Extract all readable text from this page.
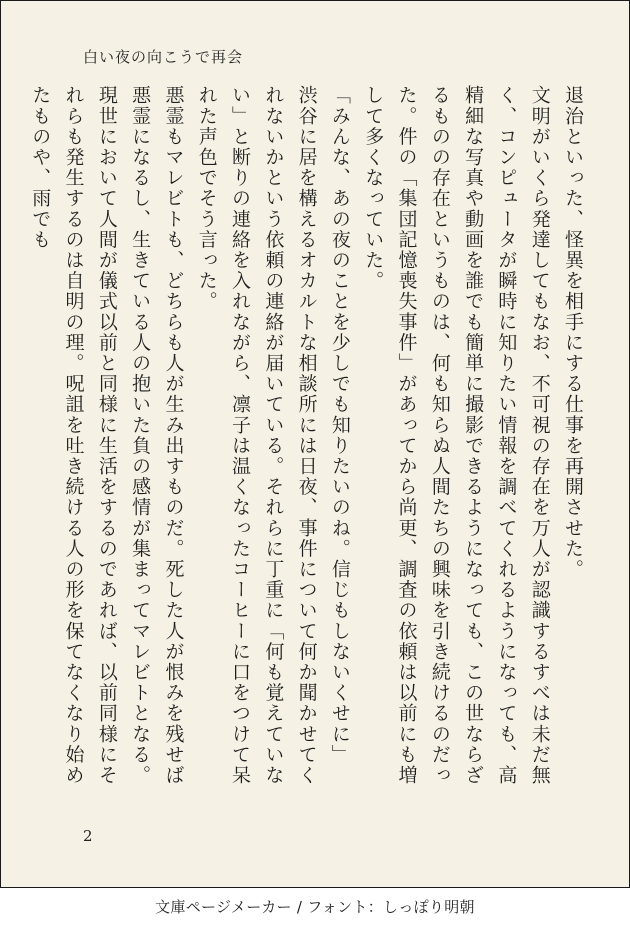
白い夜の向こうで再会

退治といった、怪異を相手にする仕事を再開させた。

文明がいくら発達してもなお、不可視の存在を万人が認識するすべは未だ無く、コンピュータが瞬時に知りたい情報を調べてくれるようになっても、高精細な写真や動画を誰でも簡単に撮影できるようになっても、この世ならざるものの存在というものは、何も知らぬ人間たちの興味を引き続けるのだった。件の「集団記憶喪失事件」があってから尚更、調査の依頼は以前にも増して多くなっていた。

「みんな、あの夜のことを少しでも知りたいのね。信じもしないくせに」

渋谷に居を構えるオカルトな相談所には日夜、事件について何か聞かせてくれないかという依頼の連絡が届いている。それらに丁重に「何も覚えていない」と断りの連絡を入れながら、凛子は温くなったコーヒーに口をつけて呆れた声色でそう言った。

悪霊もマレビトも、どちらも人が生み出すものだ。死した人が恨みを残せば悪霊になるし、生きている人の抱いた負の感情が集まってマレビトとなる。現世において人間が儀式以前と同様に生活をするのであれば、以前同様にそれらも発生するのは自明の理。呪詛を吐き続ける人の形を保てなくなり始めたものや、雨でも

2
文庫ページメーカー / フォント：しっぽり明朝
